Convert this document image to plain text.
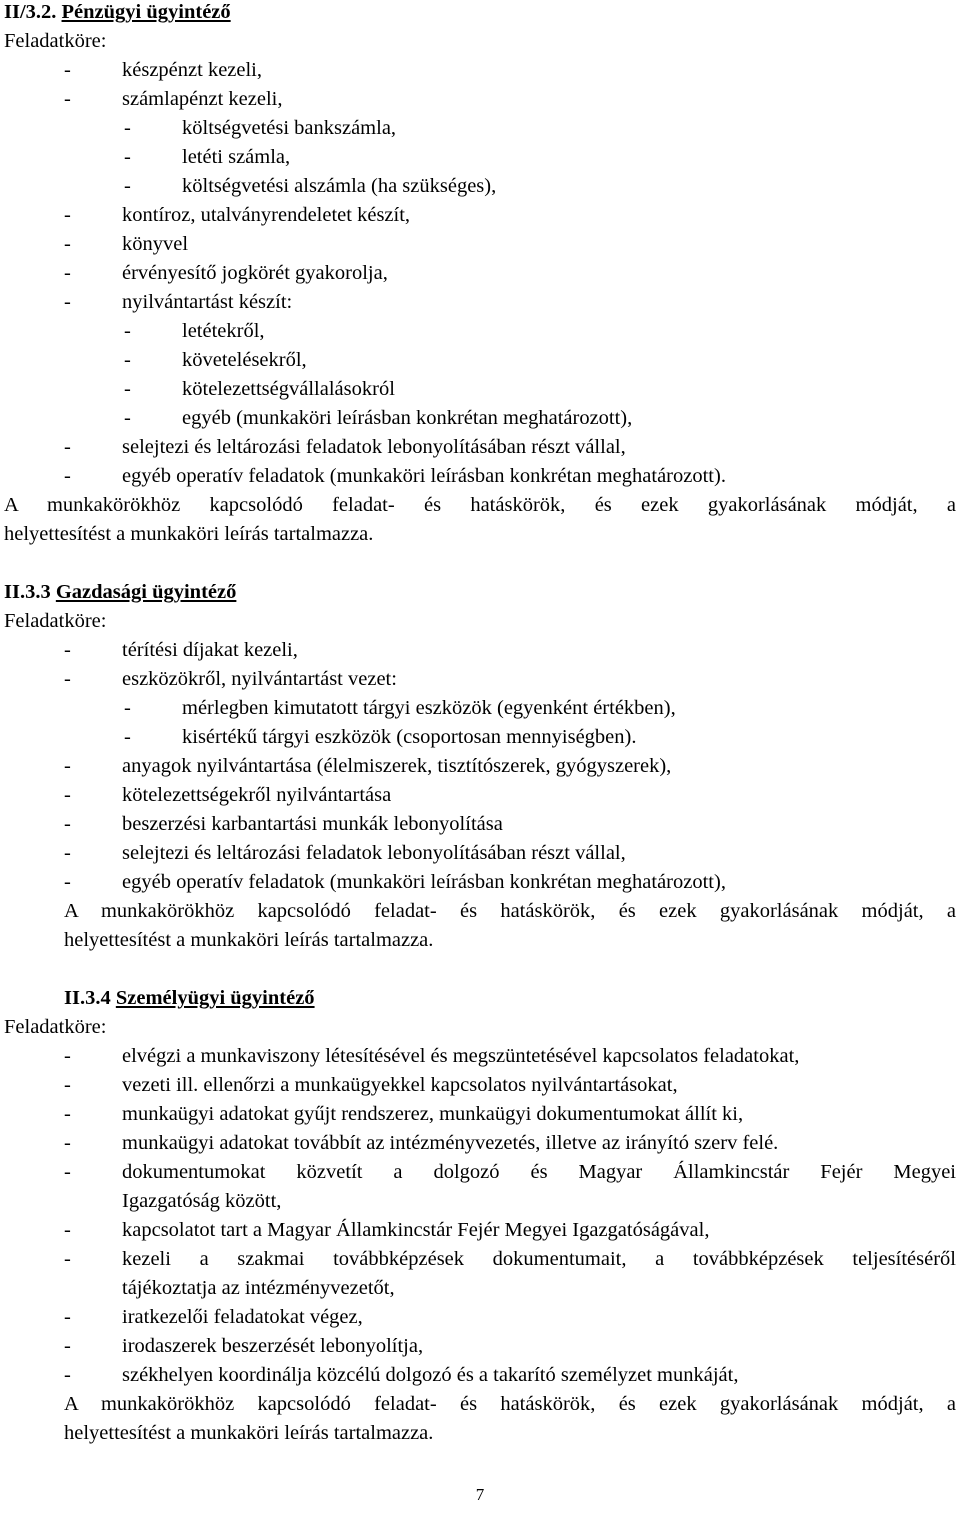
II/3.2. Pénzügyi ügyintéző
Feladatköre:
- készpénzt kezeli,
- számlapénzt kezeli,
- költségvetési bankszámla,
- letéti számla,
- költségvetési alszámla (ha szükséges),
- kontíroz, utalványrendeletet készít,
- könyvel
- érvényesítő jogkörét gyakorolja,
- nyilvántartást készít:
- letétekről,
- követelésekről,
- kötelezettségvállalásokról
- egyéb (munkaköri leírásban konkrétan meghatározott),
- selejtezi és leltározási feladatok lebonyolításában részt vállal,
- egyéb operatív feladatok (munkaköri leírásban konkrétan meghatározott).
A munkakörökhöz kapcsolódó feladat- és hatáskörök, és ezek gyakorlásának módját, a
helyettesítést a munkaköri leírás tartalmazza.
II.3.3 Gazdasági ügyintéző
Feladatköre:
- térítési díjakat kezeli,
- eszközökről, nyilvántartást vezet:
- mérlegben kimutatott tárgyi eszközök (egyenként értékben),
- kisértékű tárgyi eszközök (csoportosan mennyiségben).
- anyagok nyilvántartása (élelmiszerek, tisztítószerek, gyógyszerek),
- kötelezettségekről nyilvántartása
- beszerzési karbantartási munkák lebonyolítása
- selejtezi és leltározási feladatok lebonyolításában részt vállal,
- egyéb operatív feladatok (munkaköri leírásban konkrétan meghatározott),
A munkakörökhöz kapcsolódó feladat- és hatáskörök, és ezek gyakorlásának módját, a
helyettesítést a munkaköri leírás tartalmazza.
II.3.4 Személyügyi ügyintéző
Feladatköre:
- elvégzi a munkaviszony létesítésével és megszüntetésével kapcsolatos feladatokat,
- vezeti ill. ellenőrzi a munkaügyekkel kapcsolatos nyilvántartásokat,
- munkaügyi adatokat gyűjt rendszerez, munkaügyi dokumentumokat állít ki,
- munkaügyi adatokat továbbít az intézményvezetés, illetve az irányító szerv felé.
-	dokumentumokat közvetít a dolgozó és Magyar Államkincstár Fejér Megyei
Igazgatóság között,
- kapcsolatot tart a Magyar Államkincstár Fejér Megyei Igazgatóságával,
-	kezeli a szakmai továbbképzések dokumentumait, a továbbképzések teljesítéséről
tájékoztatja az intézményvezetőt,
- iratkezelői feladatokat végez,
- irodaszerek beszerzését lebonyolítja,
- székhelyen koordinálja közcélú dolgozó és a takarító személyzet munkáját,
A munkakörökhöz kapcsolódó feladat- és hatáskörök, és ezek gyakorlásának módját, a
helyettesítést a munkaköri leírás tartalmazza.
7
